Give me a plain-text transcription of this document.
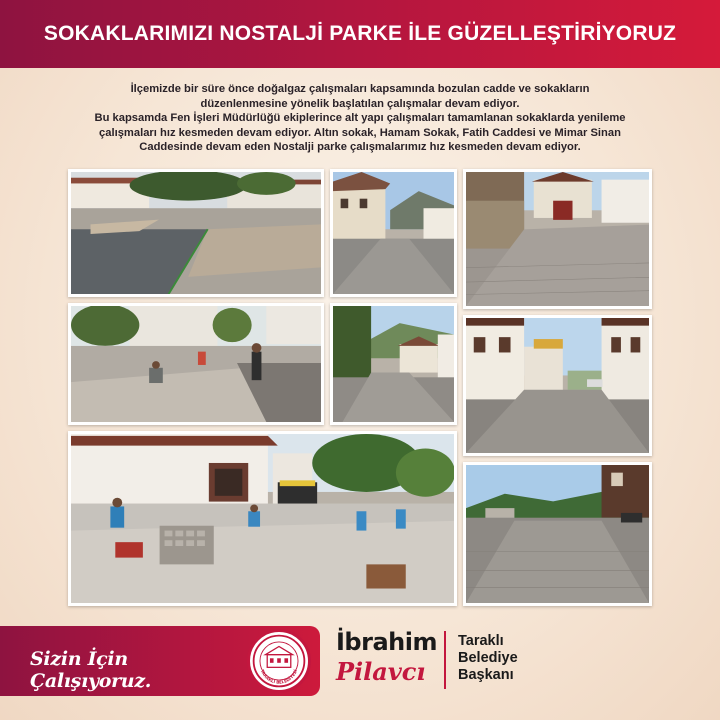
SOKAKLARIMIZI NOSTALJİ PARKE İLE GÜZELLEŞTİRİYORUZ

İlçemizde bir süre önce doğalgaz çalışmaları kapsamında bozulan cadde ve sokakların

düzenlenmesine yönelik başlatılan çalışmalar devam ediyor.

Bu kapsamda Fen İşleri Müdürlüğü ekiplerince alt yapı çalışmaları tamamlanan sokaklarda yenileme

çalışmaları hız kesmeden devam ediyor. Altın sokak, Hamam Sokak, Fatih Caddesi ve Mimar Sinan

Caddesinde devam eden Nostalji parke çalışmalarımız hız kesmeden devam ediyor.

Sizin İçin Çalışıyoruz.	TARAKLI BELEDİYESİ
İbrahim
Pilavcı
Taraklı
Belediye
Başkanı
